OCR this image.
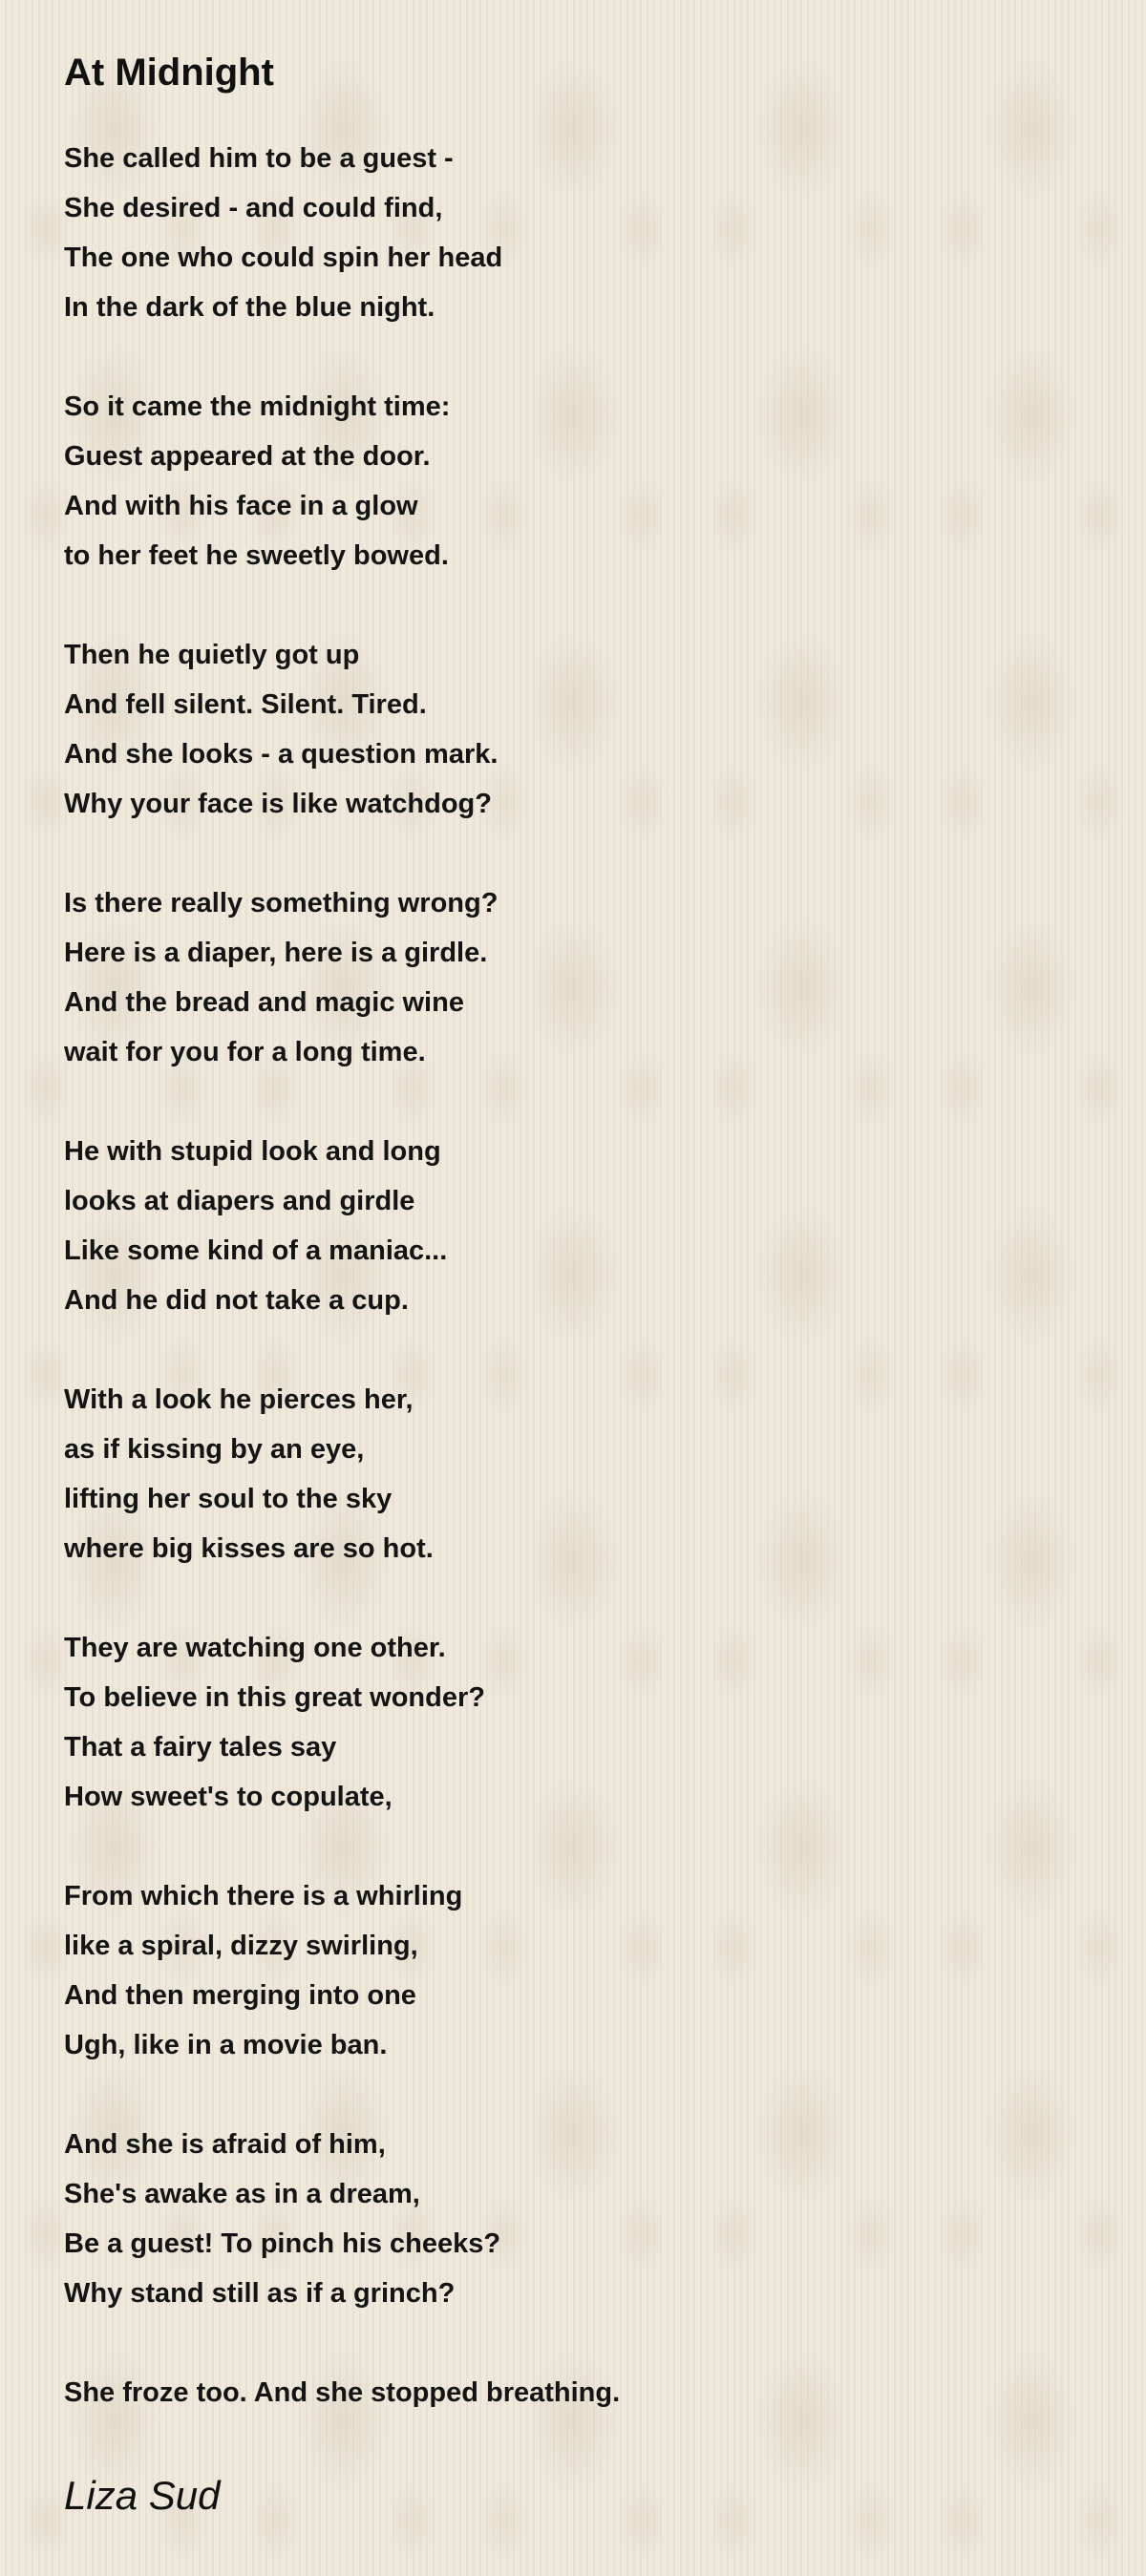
At Midnight
She called him to be a guest -
She desired - and could find,
The one who could spin her head
In the dark of the blue night.
So it came the midnight time:
Guest appeared at the door.
And with his face in a glow
to her feet he sweetly bowed.
Then he quietly got up
And fell silent. Silent. Tired.
And she looks - a question mark.
Why your face is like watchdog?
Is there really something wrong?
Here is a diaper, here is a girdle.
And the bread and magic wine
wait for you for a long time.
He with stupid look and long
looks at diapers and girdle
Like some kind of a maniac...
And he did not take a cup.
With a look he pierces her,
as if kissing by an eye,
lifting her soul to the sky
where big kisses are so hot.
They are watching one other.
To believe in this great wonder?
That a fairy tales say
How sweet's to copulate,
From which there is a whirling
like a spiral, dizzy swirling,
And then merging into one
Ugh, like in a movie ban.
And she is afraid of him,
She's awake as in a dream,
Be a guest! To pinch his cheeks?
Why stand still as if a grinch?
She froze too. And she stopped breathing.
Liza Sud
